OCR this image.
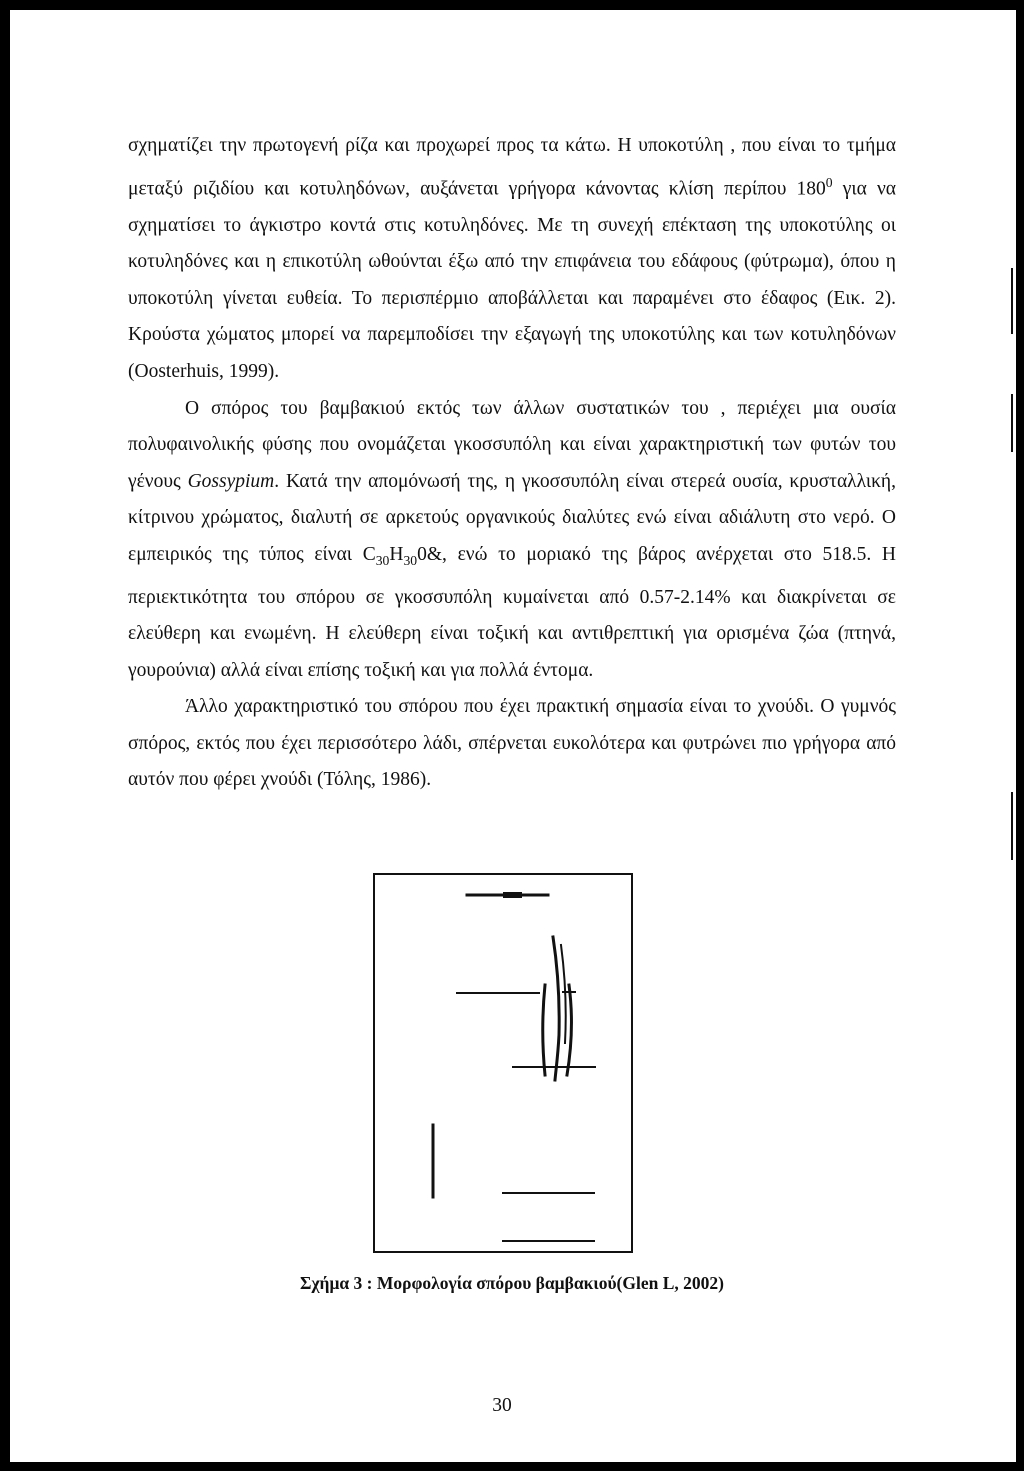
σχηματίζει την πρωτογενή ρίζα και προχωρεί προς τα κάτω. Η υποκοτύλη , που είναι το τμήμα μεταξύ ριζιδίου και κοτυληδόνων, αυξάνεται γρήγορα κάνοντας κλίση περίπου $180^0$ για να σχηματίσει το άγκιστρο κοντά στις κοτυληδόνες. Με τη συνεχή επέκταση της υποκοτύλης οι κοτυληδόνες και η επικοτύλη ωθούνται έξω από την επιφάνεια του εδάφους (φύτρωμα), όπου η υποκοτύλη γίνεται ευθεία. Το περισπέρμιο αποβάλλεται και παραμένει στο έδαφος (Εικ. 2). Κρούστα χώματος μπορεί να παρεμποδίσει την εξαγωγή της υποκοτύλης και των κοτυληδόνων (Oosterhuis, 1999).

Ο σπόρος του βαμβακιού εκτός των άλλων συστατικών του , περιέχει μια ουσία πολυφαινολικής φύσης που ονομάζεται γκοσσυπόλη και είναι χαρακτηριστική των φυτών του γένους Gossypium. Κατά την απομόνωσή της, η γκοσσυπόλη είναι στερεά ουσία, κρυσταλλική, κίτρινου χρώματος, διαλυτή σε αρκετούς οργανικούς διαλύτες ενώ είναι αδιάλυτη στο νερό. Ο εμπειρικός της τύπος είναι $C_{30}H_{30}0\&$, ενώ το μοριακό της βάρος ανέρχεται στο 518.5. Η περιεκτικότητα του σπόρου σε γκοσσυπόλη κυμαίνεται από 0.57-2.14% και διακρίνεται σε ελεύθερη και ενωμένη. Η ελεύθερη είναι τοξική και αντιθρεπτική για ορισμένα ζώα (πτηνά, γουρούνια) αλλά είναι επίσης τοξική και για πολλά έντομα.

Άλλο χαρακτηριστικό του σπόρου που έχει πρακτική σημασία είναι το χνούδι. Ο γυμνός σπόρος, εκτός που έχει περισσότερο λάδι, σπέρνεται ευκολότερα και φυτρώνει πιο γρήγορα από αυτόν που φέρει χνούδι (Τόλης, 1986).

Σχήμα 3 : Μορφολογία σπόρου βαμβακιού(Glen L, 2002)
30
